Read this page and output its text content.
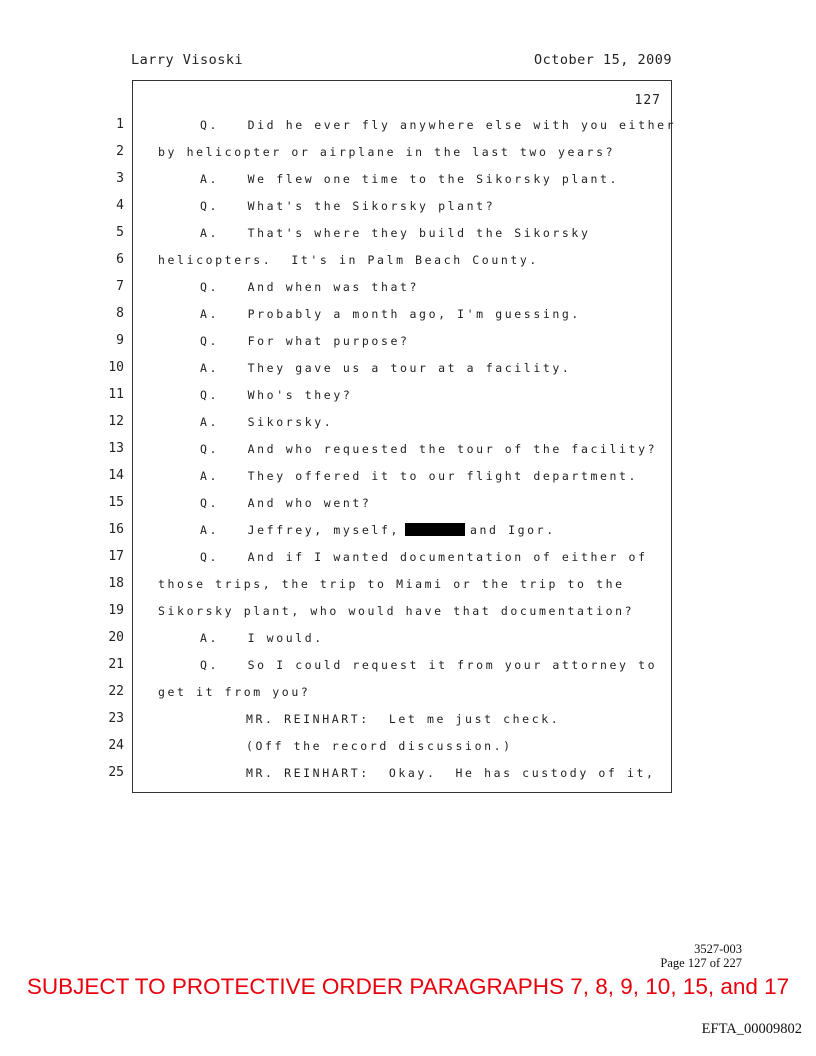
Larry Visoski	October 15, 2009
127
1
2
3
4
5
6
7
8
9
10
11
12
13
14
15
16
17
18
19
20
21
22
23
24
25
Q.   Did he ever fly anywhere else with you either
by helicopter or airplane in the last two years?
A.   We flew one time to the Sikorsky plant.
Q.   What's the Sikorsky plant?
A.   That's where they build the Sikorsky
helicopters.  It's in Palm Beach County.
Q.   And when was that?
A.   Probably a month ago, I'm guessing.
Q.   For what purpose?
A.   They gave us a tour at a facility.
Q.   Who's they?
A.   Sikorsky.
Q.   And who requested the tour of the facility?
A.   They offered it to our flight department.
Q.   And who went?
A.   Jeffrey, myself,	and Igor.
Q.   And if I wanted documentation of either of
those trips, the trip to Miami or the trip to the
Sikorsky plant, who would have that documentation?
A.   I would.
Q.   So I could request it from your attorney to
get it from you?
MR. REINHART:  Let me just check.
(Off the record discussion.)
MR. REINHART:  Okay.  He has custody of it,
3527-003
Page 127 of 227
SUBJECT TO PROTECTIVE ORDER PARAGRAPHS 7, 8, 9, 10, 15, and 17
EFTA_00009802
